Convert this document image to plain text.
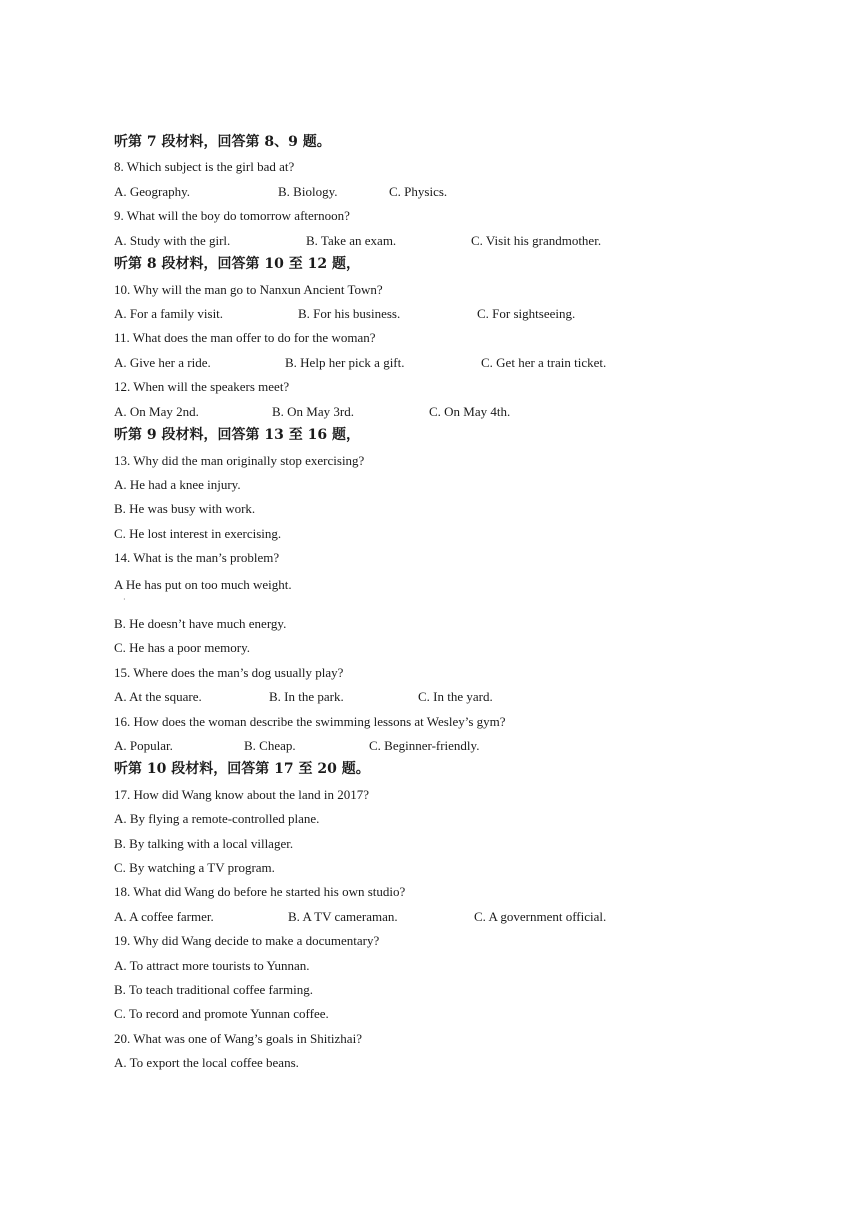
听第 7 段材料，回答第 8、9 题。
8. Which subject is the girl bad at?
A. Geography.	B. Biology.	C. Physics.
9. What will the boy do tomorrow afternoon?
A. Study with the girl.	B. Take an exam.	C. Visit his grandmother.
听第 8 段材料，回答第 10 至 12 题，
10. Why will the man go to Nanxun Ancient Town?
A. For a family visit.	B. For his business.	C. For sightseeing.
11. What does the man offer to do for the woman?
A. Give her a ride.	B. Help her pick a gift.	C. Get her a train ticket.
12. When will the speakers meet?
A. On May 2nd.	B. On May 3rd.	C. On May 4th.
听第 9 段材料，回答第 13 至 16 题，
13. Why did the man originally stop exercising?
A. He had a knee injury.
B. He was busy with work.
C. He lost interest in exercising.
14. What is the man’s problem?
A He has put on too much weight.
·
B. He doesn’t have much energy.
C. He has a poor memory.
15. Where does the man’s dog usually play?
A. At the square.	B. In the park.	C. In the yard.
16. How does the woman describe the swimming lessons at Wesley’s gym?
A. Popular.	B. Cheap.	C. Beginner-friendly.
听第 10 段材料，回答第 17 至 20 题。
17. How did Wang know about the land in 2017?
A. By flying a remote-controlled plane.
B. By talking with a local villager.
C. By watching a TV program.
18. What did Wang do before he started his own studio?
A. A coffee farmer.	B. A TV cameraman.	C. A government official.
19. Why did Wang decide to make a documentary?
A. To attract more tourists to Yunnan.
B. To teach traditional coffee farming.
C. To record and promote Yunnan coffee.
20. What was one of Wang’s goals in Shitizhai?
A. To export the local coffee beans.
